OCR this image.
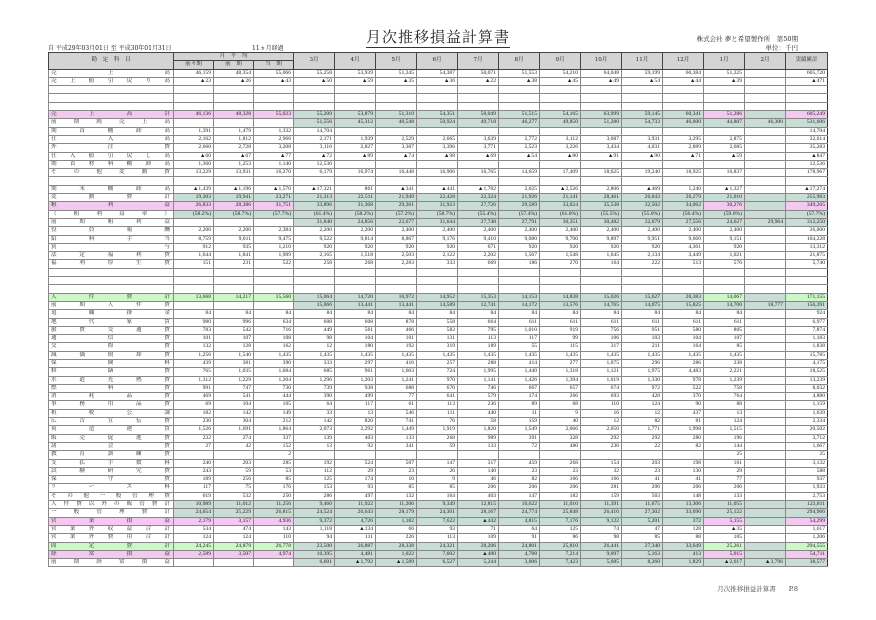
月次推移損益計算書	株式会社 夢と希望製作所　第50期
単位：千円
自 平成29年03月01日 至 平成30年01月31日	11ヵ月経過
勘　定　科　目	月　平　均			3月	4月	5月	6月	7月	8月	9月	10月	11月	12月	1月	2月	実績累計
	前々期	前　期	当　期													
売　上　高	46,159	48,354	55,066	55,258	53,939	51,345	54,387	50,071	51,553	54,210	64,048	59,199	60,384	51,325		605,720
売上値引戻り高	▲23	▲26	▲43	▲50	▲59	▲35	▲36	▲22	▲38	▲45	▲49	▲54	▲44	▲39		▲471

売　上　高　計	46,136	48,328	55,023	55,209	53,879	51,310	54,351	50,049	51,515	54,165	63,999	59,145	60,341	51,286		605,249
前期純売上高				51,556	45,312	40,548	50,924	49,718	46,277	49,850	51,280	54,733	46,600	44,807	46,300	531,606
期首棚卸高	1,391	1,479	1,332	14,704												14,704
仕　入　高	2,162	1,812	2,966	2,171	1,939	2,529	2,665	3,639	2,772	3,112	3,687	3,931	3,295	2,875		32,614
外　注　費	2,660	2,728	3,208	3,116	2,827	3,387	3,396	3,771	2,523	3,226	3,434	4,031	2,889	2,685		35,283
仕入値引戻し高	▲60	▲67	▲77	▲72	▲89	▲74	▲98	▲69	▲54	▲80	▲91	▲90	▲71	▲59		▲847
期首材料棚卸高	1,360	1,253	1,140	12,536												12,536
その他変動費	13,229	13,931	16,270	6,179	16,974	16,448	16,906	16,765	14,659	17,409	18,625	19,240	18,925	16,837		178,967

期末棚卸高	▲1,439	▲1,196	▲1,570	▲17,321	861	▲341	▲441	▲1,782	2,025	▲2,526	2,806	▲469	1,240	▲1,327		▲17,274
変　動　費　計	19,303	19,941	23,271	21,313	22,511	21,949	22,428	22,324	21,926	21,141	28,461	26,643	26,279	21,010		255,983
粗　利　益	26,833	28,386	31,751	33,896	31,368	29,361	31,923	27,726	29,589	33,024	35,538	32,502	34,062	30,276		349,265
（粗利益率）	(58.2%)	(58.7%)	(57.7%)	(61.4%)	(58.2%)	(57.2%)	(58.7%)	(55.4%)	(57.4%)	(61.0%)	(55.5%)	(55.0%)	(56.4%)	(59.0%)		(57.7%)
前期粗利益				31,840	24,856	22,677	31,644	27,748	27,791	30,351	30,482	32,679	27,556	24,627	29,964	312,250
役　員　報　酬	2,200	2,200	2,384	2,200	2,200	2,400	2,400	2,400	2,400	2,400	2,400	2,400	2,400	2,400		26,000
給　料　手　当	8,759	9,011	9,475	9,522	9,814	8,867	9,176	9,410	9,080	9,700	9,897	9,951	9,660	9,151		104,228
賞　　　与	912	935	1,210	920	920	920	920	671	920	920	920	920	4,361	920		13,312
法定福利費	1,644	1,841	1,989	2,165	1,518	2,503	2,122	2,202	1,567	1,548	1,645	2,134	3,449	1,021		21,875
福利厚生費	151	231	522	258	268	2,283	333	669	186	270	164	222	513	576		5,740

人　件　費　計	13,668	14,217	15,560	15,064	14,720	16,972	14,952	15,353	14,153	14,838	15,026	15,627	20,383	14,067		171,155
前期人件費				15,066	13,441	13,441	14,589	12,741	14,172	13,576	14,765	14,075	15,825	14,700	18,777	156,391
退職掛金	84	84	84	84	84	84	84	84	84	84	84	84	84	84		924
地代家賃	980	996	634	608	608	878	558	664	611	611	611	611	611	611		6,977
旅費交通費	783	542	716	449	561	466	582	795	1,010	919	756	951	580	805		7,874
通　信　費	101	107	108	98	104	101	131	113	117	99	106	103	104	107		1,183
交　際　費	132	128	162	12	180	192	319	189	55	115	317	211	164	85		1,838
減価償却費	1,256	1,540	1,435	1,435	1,435	1,435	1,435	1,435	1,435	1,435	1,435	1,435	1,435	1,435		15,785
保　険　料	439	381	390	333	297	416	257	288	414	277	1,075	296	286	238		4,175
修　繕　費	765	1,035	1,684	685	961	1,603	724	1,995	1,440	1,318	1,121	1,975	4,483	2,221		18,525
水道光熱費	1,312	1,229	1,204	1,296	1,203	1,241	970	1,141	1,426	1,394	1,019	1,330	978	1,239		13,239
燃　料　費	991	747	730	739	938	688	670	746	667	657	674	972	522	758		8,032
消耗品費	469	541	444	390	499	77	641	579	174	266	693	428	370	764		4,880
事務用品費	69	104	105	64	117	61	113	236	89	68	110	124	90	88		1,159
租税公課	182	142	149	33	13	546	111	440	11	9	16	12	437	13		1,639
広告宣伝費	230	304	212	142	820	741	76	58	159	40	12	82	81	124		2,334
荷造運賃	1,526	1,691	1,864	2,073	2,292	1,449	1,919	1,820	1,549	2,066	2,050	1,771	1,998	1,515		20,502
販売促進費	232	274	337	139	403	133	268	989	391	328	292	292	280	196		3,712
諸　会　費	27	42	152	13	92	341	59	133	72	480	230	22	82	144		1,667
教育訓練費			2											25		25
支払手数料	240	203	285	192	524	507	147	317	459	268	154	203	198	161		3,132
試験研究費	243	59	53	112	29	23	26	140	23	23	32	23	130	29		588
保　守　費	189	256	85	125	174	10	9	46	82	166	166	41	41	77		937
リース料	117	75	176	153	93	85	85	206	206	206	281	206	206	206		1,933
その他一般管理費	619	532	250	286	497	132	164	403	147	182	159	503	148	133		2,753
人件費以外の販管費計	10,989	11,012	11,256	9,460	11,922	11,206	9,349	12,815	10,622	11,010	11,391	11,675	13,306	11,055		123,811
一般管理費計	24,654	25,229	26,815	24,524	26,643	28,179	24,301	28,167	24,774	25,848	26,416	27,302	33,690	25,122		294,966
営　業　損　益	2,179	3,157	4,936	9,372	4,726	1,182	7,622	▲442	4,815	7,176	9,122	5,201	372	5,155		54,299
営業外収益合計	534	474	143	1,118	▲134	66	93	71	64	125	74	47	128	▲35		1,617
営業外費用合計	124	124	110	94	111	226	113	109	91	86	98	85	88	105		1,206
固　定　費　計	24,245	24,879	26,778	23,500	26,887	28,338	24,321	28,206	24,801	25,810	26,441	27,340	33,649	25,261		294,555
経　常　損　益	2,589	3,507	4,974	10,395	4,481	1,022	7,602	▲480	4,788	7,214	9,097	5,163	413	5,015		54,711
前期経常損益				6,601	▲1,792	▲1,589	6,527	5,244	3,006	7,423	5,685	8,260	1,829	▲2,617	▲3,796	38,577
月次推移損益計算書　　P.8
